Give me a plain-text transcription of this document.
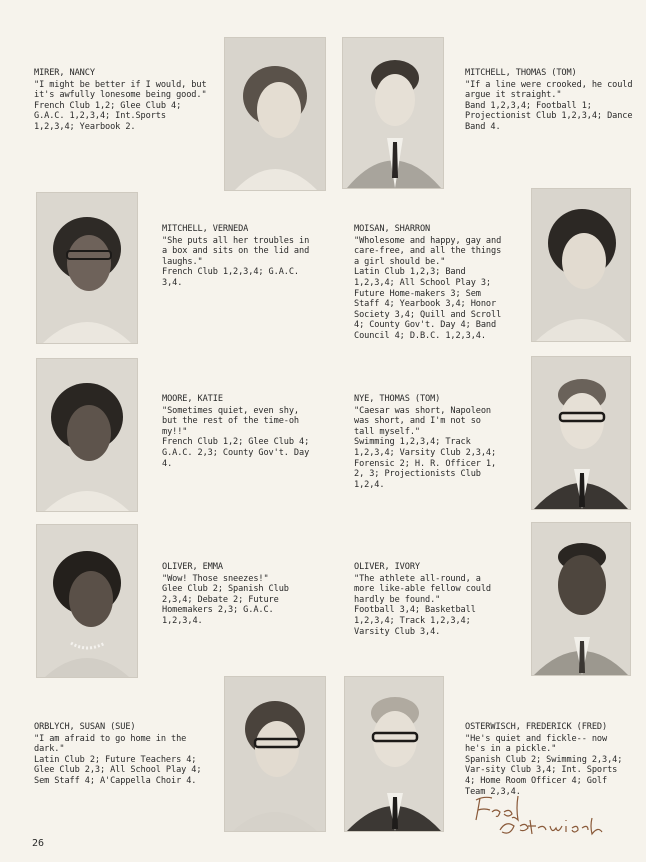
MIRER, NANCY
"I might be better if I would, but it's awfully lonesome being good."
French Club 1,2; Glee Club 4; G.A.C. 1,2,3,4; Int.Sports 1,2,3,4; Yearbook 2.
MITCHELL, THOMAS (TOM)
"If a line were crooked, he could argue it straight."
Band 1,2,3,4; Football 1; Projectionist Club 1,2,3,4; Dance Band 4.
MITCHELL, VERNEDA
"She puts all her troubles in a box and sits on the lid and laughs."
French Club 1,2,3,4; G.A.C. 3,4.
MOISAN, SHARRON
"Wholesome and happy, gay and care-free, and all the things a girl should be."
Latin Club 1,2,3; Band 1,2,3,4; All School Play 3; Future Home-makers 3; Sem Staff 4; Yearbook 3,4; Honor Society 3,4; Quill and Scroll 4; County Gov't. Day 4; Band Council 4; D.B.C. 1,2,3,4.
MOORE, KATIE
"Sometimes quiet, even shy, but the rest of the time-oh my!!"
French Club 1,2; Glee Club 4; G.A.C. 2,3; County Gov't. Day 4.
NYE, THOMAS (TOM)
"Caesar was short, Napoleon was short, and I'm not so tall myself."
Swimming 1,2,3,4; Track 1,2,3,4; Varsity Club 2,3,4; Forensic 2; H. R. Officer 1, 2, 3; Projectionists Club 1,2,4.
OLIVER, EMMA
"Wow! Those sneezes!"
Glee Club 2; Spanish Club 2,3,4; Debate 2; Future Homemakers 2,3; G.A.C. 1,2,3,4.
OLIVER, IVORY
"The athlete all-round, a more like-able fellow could hardly be found."
Football 3,4; Basketball 1,2,3,4; Track 1,2,3,4; Varsity Club 3,4.
ORBLYCH, SUSAN (SUE)
"I am afraid to go home in the dark."
Latin Club 2; Future Teachers 4; Glee Club 2,3; All School Play 4; Sem Staff 4; A'Cappella Choir 4.
OSTERWISCH, FREDERICK (FRED)
"He's quiet and fickle-- now he's in a pickle."
Spanish Club 2; Swimming 2,3,4; Var-sity Club 3,4; Int. Sports 4; Home Room Officer 4; Golf Team 2,3,4.
26
